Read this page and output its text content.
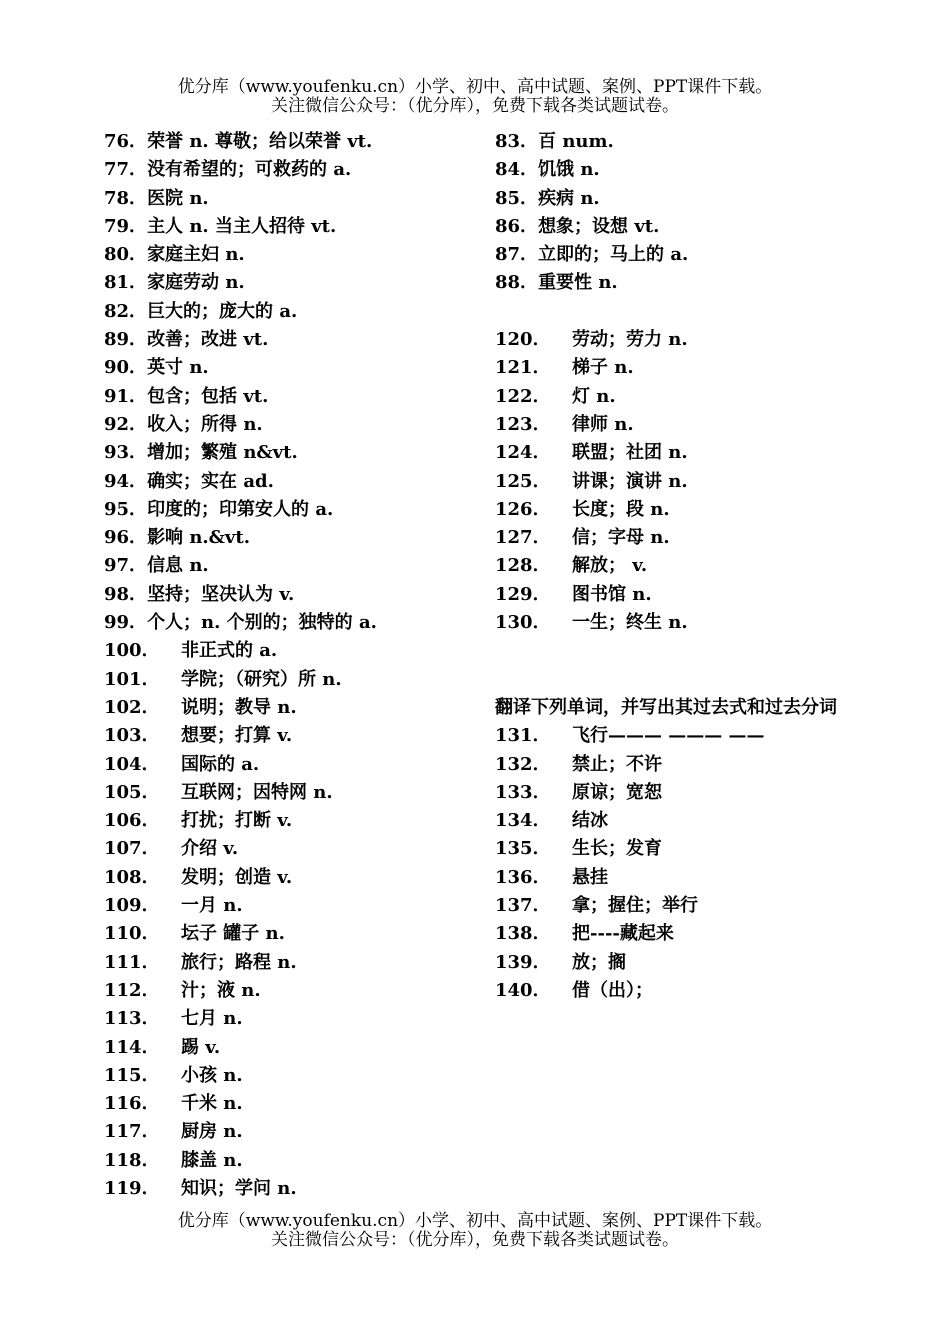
优分库（www.youfenku.cn）小学、初中、高中试题、案例、PPT课件下载。
关注微信公众号：（优分库），免费下载各类试题试卷。
76．荣誉 n. 尊敬；给以荣誉 vt.
77．没有希望的；可救药的 a.
78．医院 n.
79．主人 n. 当主人招待 vt.
80．家庭主妇 n.
81．家庭劳动 n.
82．巨大的；庞大的 a.
89．改善；改进 vt.
90．英寸 n.
91．包含；包括 vt.
92．收入；所得 n.
93．增加；繁殖 n&vt.
94．确实；实在 ad.
95．印度的；印第安人的 a.
96．影响 n.&vt.
97．信息 n.
98．坚持；坚决认为 v.
99．个人；n. 个别的；独特的 a.
100． 非正式的 a.
101． 学院；（研究）所 n.
102． 说明；教导 n.
103． 想要；打算 v.
104． 国际的 a.
105． 互联网；因特网 n.
106． 打扰；打断 v.
107． 介绍 v.
108． 发明；创造 v.
109． 一月 n.
110． 坛子 罐子 n.
111． 旅行；路程 n.
112． 汁；液 n.
113． 七月 n.
114． 踢 v.
115． 小孩 n.
116． 千米 n.
117． 厨房 n.
118． 膝盖 n.
119． 知识；学问 n.
83．百 num.
84．饥饿 n.
85．疾病 n.
86．想象；设想 vt.
87．立即的；马上的 a.
88．重要性 n.
120． 劳动；劳力 n.
121． 梯子 n.
122． 灯 n.
123． 律师 n.
124． 联盟；社团 n.
125． 讲课；演讲 n.
126． 长度；段 n.
127． 信；字母 n.
128． 解放； v.
129． 图书馆 n.
130． 一生；终生 n.
翻译下列单词，并写出其过去式和过去分词
131． 飞行——— ——— ——
132． 禁止；不许
133． 原谅；宽恕
134． 结冰
135． 生长；发育
136． 悬挂
137． 拿；握住；举行
138． 把----藏起来
139． 放；搁
140． 借（出）；
优分库（www.youfenku.cn）小学、初中、高中试题、案例、PPT课件下载。
关注微信公众号：（优分库），免费下载各类试题试卷。
